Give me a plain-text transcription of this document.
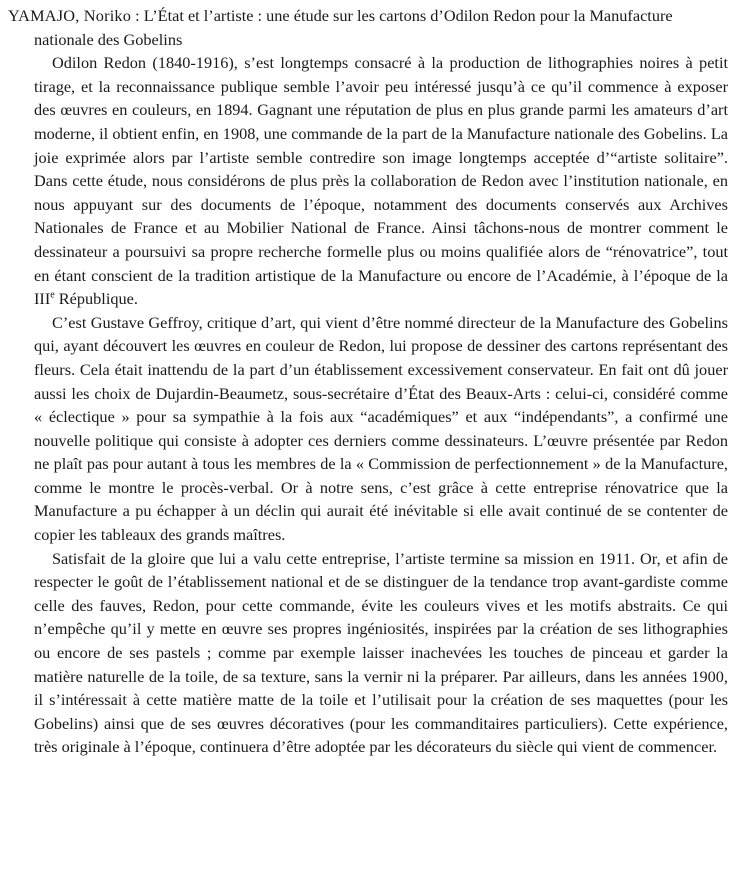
YAMAJO, Noriko : L’État et l’artiste : une étude sur les cartons d’Odilon Redon pour la Manufacture nationale des Gobelins

Odilon Redon (1840-1916), s’est longtemps consacré à la production de lithographies noires à petit tirage, et la reconnaissance publique semble l’avoir peu intéressé jusqu’à ce qu’il commence à exposer des œuvres en couleurs, en 1894. Gagnant une réputation de plus en plus grande parmi les amateurs d’art moderne, il obtient enfin, en 1908, une commande de la part de la Manufacture nationale des Gobelins. La joie exprimée alors par l’artiste semble contredire son image longtemps acceptée d’“artiste solitaire”. Dans cette étude, nous considérons de plus près la collaboration de Redon avec l’institution nationale, en nous appuyant sur des documents de l’époque, notamment des documents conservés aux Archives Nationales de France et au Mobilier National de France. Ainsi tâchons-nous de montrer comment le dessinateur a poursuivi sa propre recherche formelle plus ou moins qualifiée alors de “rénovatrice”, tout en étant conscient de la tradition artistique de la Manufacture ou encore de l’Académie, à l’époque de la IIIe République.

C’est Gustave Geffroy, critique d’art, qui vient d’être nommé directeur de la Manufacture des Gobelins qui, ayant découvert les œuvres en couleur de Redon, lui propose de dessiner des cartons représentant des fleurs. Cela était inattendu de la part d’un établissement excessivement conservateur. En fait ont dû jouer aussi les choix de Dujardin-Beaumetz, sous-secrétaire d’État des Beaux-Arts : celui-ci, considéré comme « éclectique » pour sa sympathie à la fois aux “académiques” et aux “indépendants”, a confirmé une nouvelle politique qui consiste à adopter ces derniers comme dessinateurs. L’œuvre présentée par Redon ne plaît pas pour autant à tous les membres de la « Commission de perfectionnement » de la Manufacture, comme le montre le procès-verbal. Or à notre sens, c’est grâce à cette entreprise rénovatrice que la Manufacture a pu échapper à un déclin qui aurait été inévitable si elle avait continué de se contenter de copier les tableaux des grands maîtres.

Satisfait de la gloire que lui a valu cette entreprise, l’artiste termine sa mission en 1911. Or, et afin de respecter le goût de l’établissement national et de se distinguer de la tendance trop avant-gardiste comme celle des fauves, Redon, pour cette commande, évite les couleurs vives et les motifs abstraits. Ce qui n’empêche qu’il y mette en œuvre ses propres ingéniosités, inspirées par la création de ses lithographies ou encore de ses pastels ; comme par exemple laisser inachevées les touches de pinceau et garder la matière naturelle de la toile, de sa texture, sans la vernir ni la préparer. Par ailleurs, dans les années 1900, il s’intéressait à cette matière matte de la toile et l’utilisait pour la création de ses maquettes (pour les Gobelins) ainsi que de ses œuvres décoratives (pour les commanditaires particuliers). Cette expérience, très originale à l’époque, continuera d’être adoptée par les décorateurs du siècle qui vient de commencer.
